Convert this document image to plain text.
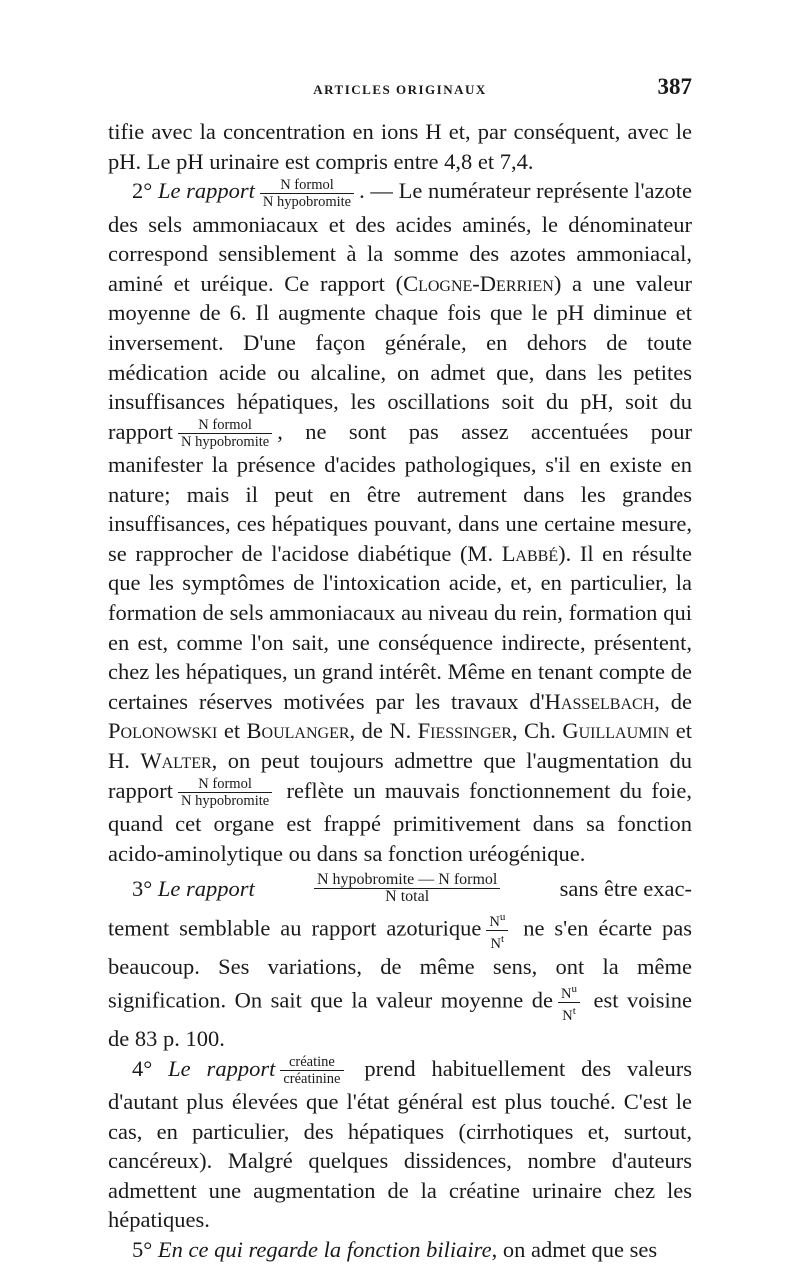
ARTICLES ORIGINAUX	387

tifie avec la concentration en ions H et, par conséquent, avec le pH. Le pH urinaire est compris entre 4,8 et 7,4.

2° Le rapport	N formol
N hypobromite . — Le numérateur représente l'azote des sels ammoniacaux et des acides aminés, le dénominateur correspond sensiblement à la somme des azotes ammoniacal, aminé et uréique. Ce rapport (Clogne-Derrien) a une valeur moyenne de 6. Il augmente chaque fois que le pH diminue et inversement. D'une façon générale, en dehors de toute médication acide ou alcaline, on admet que, dans les petites insuffisances hépatiques, les oscillations soit du pH, soit du rapport	N formol
N hypobromite , ne sont pas assez accentuées pour manifester la présence d'acides pathologiques, s'il en existe en nature; mais il peut en être autrement dans les grandes insuffisances, ces hépatiques pouvant, dans une certaine mesure, se rapprocher de l'acidose diabétique (M. Labbé). Il en résulte que les symptômes de l'intoxication acide, et, en particulier, la formation de sels ammoniacaux au niveau du rein, formation qui en est, comme l'on sait, une conséquence indirecte, présentent, chez les hépatiques, un grand intérêt. Même en tenant compte de certaines réserves motivées par les travaux d'Hasselbach, de Polonowski et Boulanger, de N. Fiessinger, Ch. Guillaumin et H. Walter, on peut toujours admettre que l'augmentation du rapport	N formol
N hypobromite reflète un mauvais fonctionnement du foie, quand cet organe est frappé primitivement dans sa fonction acido-aminolytique ou dans sa fonction uréogénique.

3° Le rapport	N hypobromite — N formol
N total	sans être exac-

tement semblable au rapport azoturique $\frac{N^u}{N^t}$ ne s'en écarte pas beaucoup. Ses variations, de même sens, ont la même signification. On sait que la valeur moyenne de $\frac{N^u}{N^t}$ est voisine de 83 p. 100.

4° Le rapport créatine
créatinine prend habituellement des valeurs d'autant plus élevées que l'état général est plus touché. C'est le cas, en particulier, des hépatiques (cirrhotiques et, surtout, cancéreux). Malgré quelques dissidences, nombre d'auteurs admettent une augmentation de la créatine urinaire chez les hépatiques.

5° En ce qui regarde la fonction biliaire, on admet que ses
